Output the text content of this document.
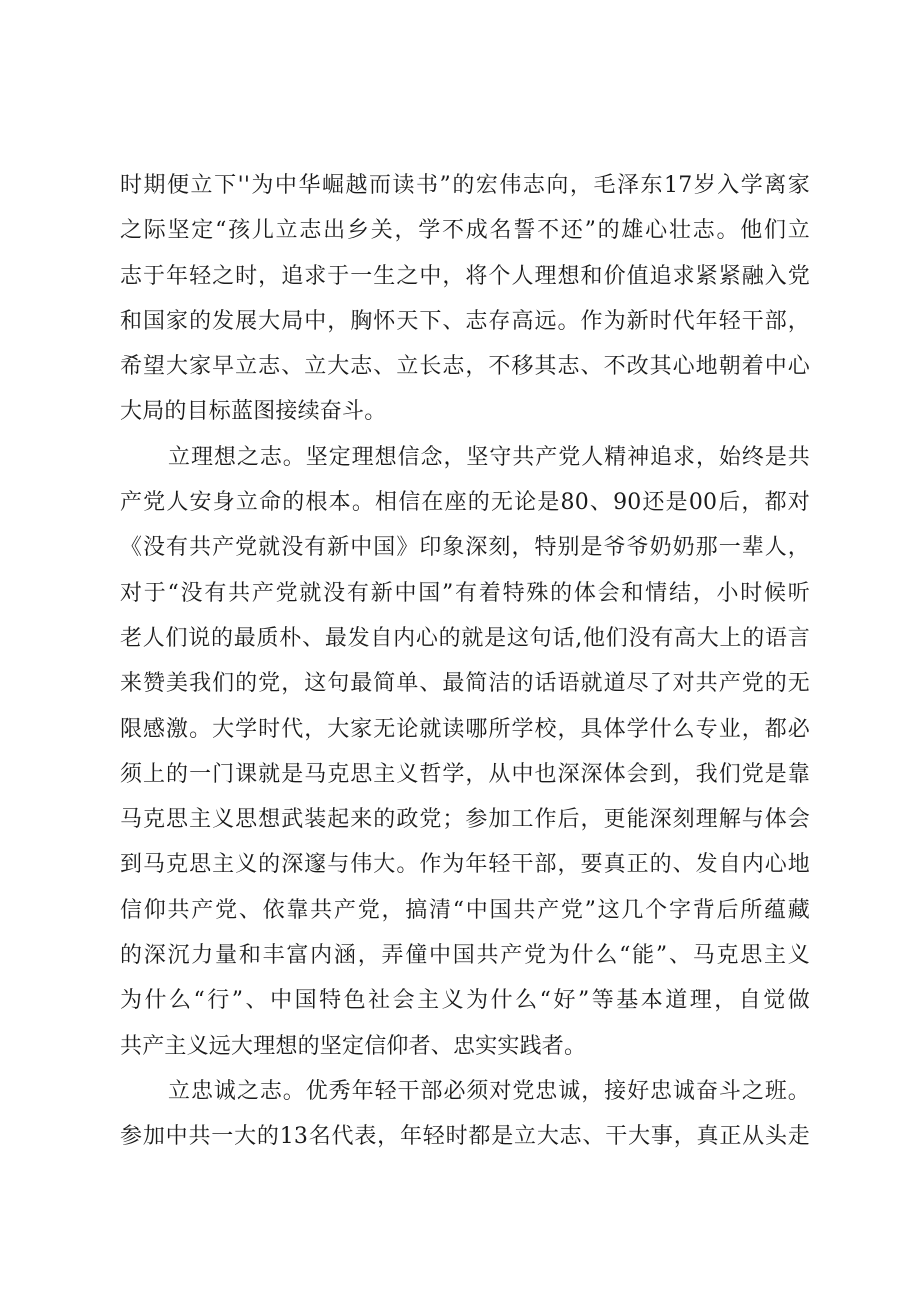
时期便立下''为中华崛越而读书”的宏伟志向，毛泽东17岁入学离家
之际坚定“孩儿立志出乡关，学不成名誓不还”的雄心壮志。他们立
志于年轻之时，追求于一生之中，将个人理想和价值追求紧紧融入党
和国家的发展大局中，胸怀天下、志存高远。作为新时代年轻干部，
希望大家早立志、立大志、立长志，不移其志、不改其心地朝着中心
大局的目标蓝图接续奋斗。
立理想之志。坚定理想信念，坚守共产党人精神追求，始终是共
产党人安身立命的根本。相信在座的无论是80、90还是00后，都对
《没有共产党就没有新中国》印象深刻，特别是爷爷奶奶那一辈人，
对于“没有共产党就没有新中国”有着特殊的体会和情结，小时候听
老人们说的最质朴、最发自内心的就是这句话,他们没有高大上的语言
来赞美我们的党，这句最简单、最简洁的话语就道尽了对共产党的无
限感激。大学时代，大家无论就读哪所学校，具体学什么专业，都必
须上的一门课就是马克思主义哲学，从中也深深体会到，我们党是靠
马克思主义思想武装起来的政党；参加工作后，更能深刻理解与体会
到马克思主义的深邃与伟大。作为年轻干部，要真正的、发自内心地
信仰共产党、依靠共产党，搞清“中国共产党”这几个字背后所蕴藏
的深沉力量和丰富内涵，弄僮中国共产党为什么“能”、马克思主义
为什么“行”、中国特色社会主义为什么“好”等基本道理，自觉做
共产主义远大理想的坚定信仰者、忠实实践者。
立忠诚之志。优秀年轻干部必须对党忠诚，接好忠诚奋斗之班。
参加中共一大的13名代表，年轻时都是立大志、干大事，真正从头走
